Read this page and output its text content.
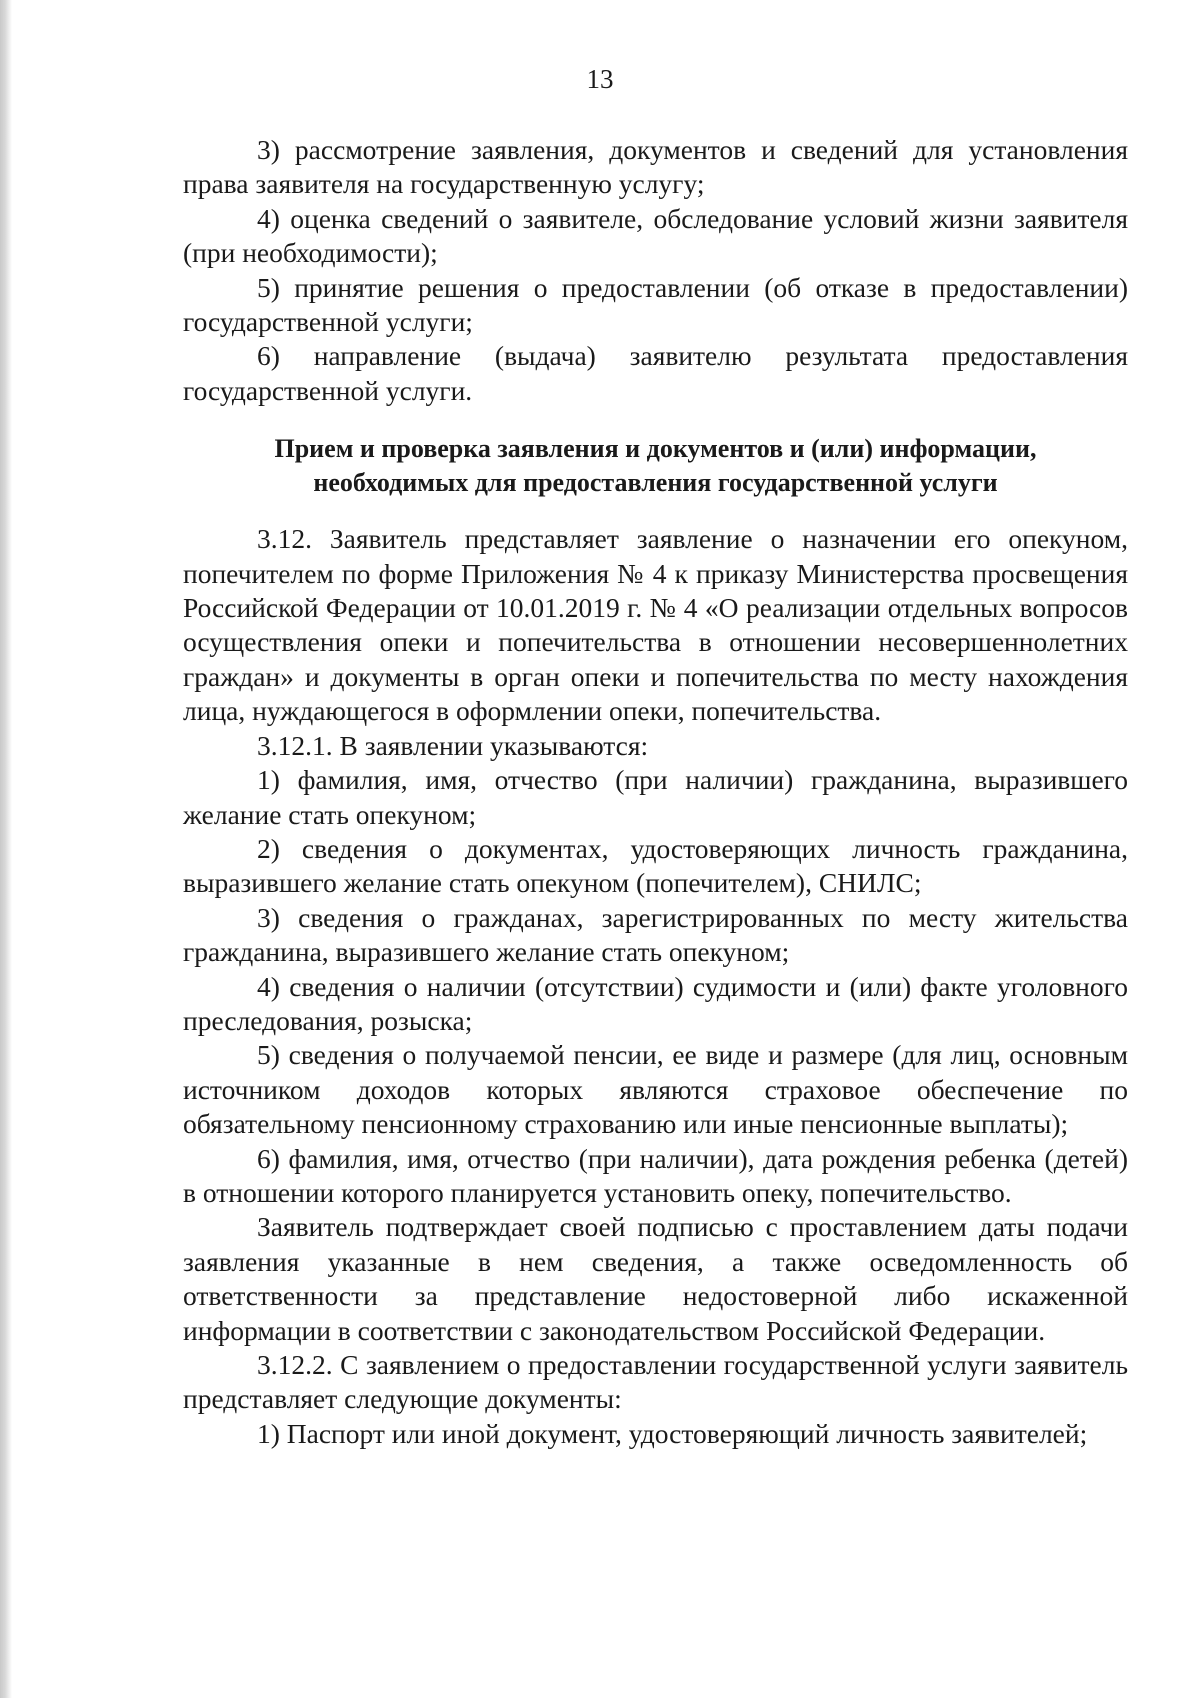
13

3) рассмотрение заявления, документов и сведений для установления права заявителя на государственную услугу;

4) оценка сведений о заявителе, обследование условий жизни заявителя (при необходимости);

5) принятие решения о предоставлении (об отказе в предоставлении) государственной услуги;

6) направление (выдача) заявителю результата предоставления государственной услуги.

Прием и проверка заявления и документов и (или) информации,
необходимых для предоставления государственной услуги

3.12. Заявитель представляет заявление о назначении его опекуном, попечителем по форме Приложения № 4 к приказу Министерства просвещения Российской Федерации от 10.01.2019 г. № 4 «О реализации отдельных вопросов осуществления опеки и попечительства в отношении несовершеннолетних граждан» и документы в орган опеки и попечительства по месту нахождения лица, нуждающегося в оформлении опеки, попечительства.

3.12.1. В заявлении указываются:

1) фамилия, имя, отчество (при наличии) гражданина, выразившего желание стать опекуном;

2) сведения о документах, удостоверяющих личность гражданина, выразившего желание стать опекуном (попечителем), СНИЛС;

3) сведения о гражданах, зарегистрированных по месту жительства гражданина, выразившего желание стать опекуном;

4) сведения о наличии (отсутствии) судимости и (или) факте уголовного преследования, розыска;

5) сведения о получаемой пенсии, ее виде и размере (для лиц, основным источником доходов которых являются страховое обеспечение по обязательному пенсионному страхованию или иные пенсионные выплаты);

6) фамилия, имя, отчество (при наличии), дата рождения ребенка (детей) в отношении которого планируется установить опеку, попечительство.

Заявитель подтверждает своей подписью с проставлением даты подачи заявления указанные в нем сведения, а также осведомленность об ответственности за представление недостоверной либо искаженной информации в соответствии с законодательством Российской Федерации.

3.12.2. С заявлением о предоставлении государственной услуги заявитель представляет следующие документы:

1) Паспорт или иной документ, удостоверяющий личность заявителей;
